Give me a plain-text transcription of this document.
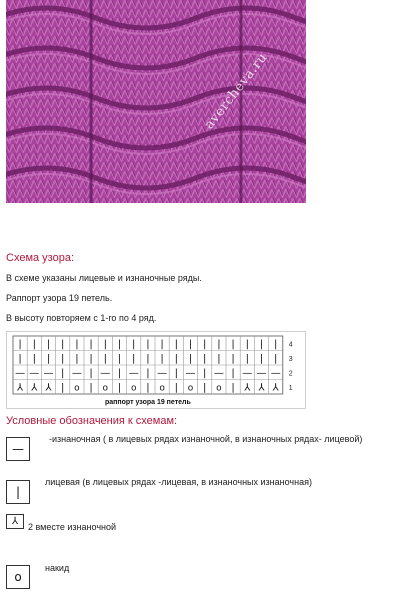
averchevа.ru
Схема узора:
В схеме указаны лицевые и изнаночные ряды.
Раппорт узора 19 петель.
В высоту повторяем с 1-го по 4 ряд.
| | | | | | | | | | | | | | | | | | | 4
| | | | | | | | | | | | | | | | | | | 3
— — — | — | — | — | — | — | — | — — — 2
⅄ ⅄ ⅄ | o | o | o | o | o | o | ⅄ ⅄ ⅄ 1
раппорт узора 19 петель
Условные обозначения к схемам:
—
-изнаночная ( в лицевых рядах изнаночной, в изнаночных рядах- лицевой)
|
лицевая (в лицевых рядах -лицевая, в изнаночных изнаночная)
⅄	2 вместе изнаночной
o
накид
